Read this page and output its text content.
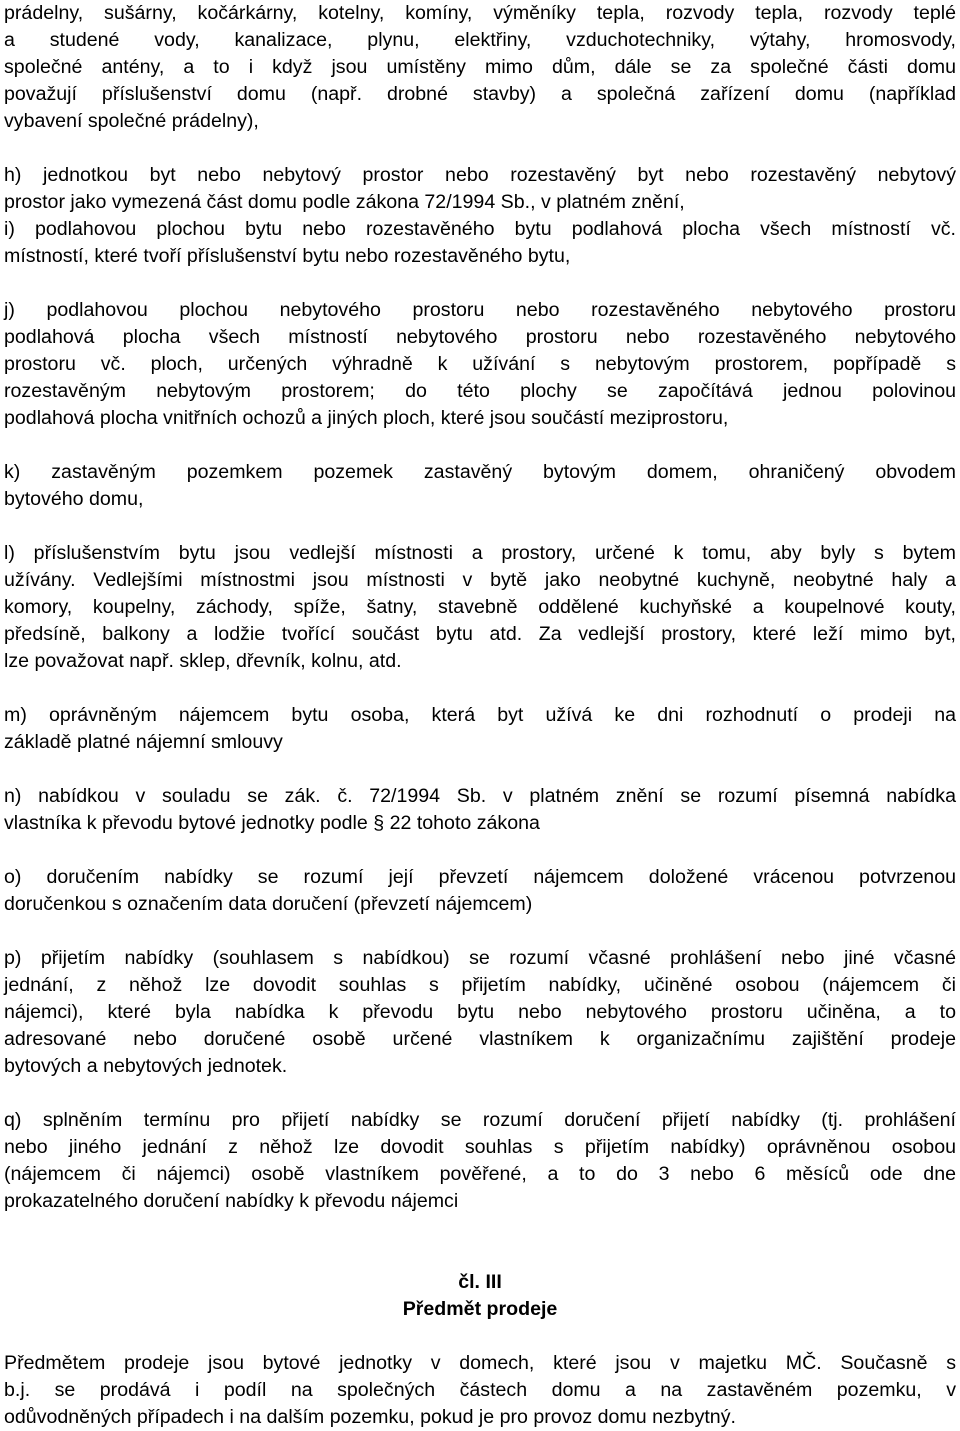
prádelny, sušárny, kočárkárny, kotelny, komíny, výměníky tepla, rozvody tepla, rozvody teplé
a studené vody, kanalizace, plynu, elektřiny, vzduchotechniky, výtahy, hromosvody,
společné antény, a to i když jsou umístěny mimo dům, dále se za společné části domu
považují příslušenství domu (např. drobné stavby) a společná zařízení domu (například
vybavení společné prádelny),

h) jednotkou byt nebo nebytový prostor nebo rozestavěný byt nebo rozestavěný nebytový
prostor jako vymezená část domu podle zákona 72/1994 Sb., v platném znění,

i) podlahovou plochou bytu nebo rozestavěného bytu podlahová plocha všech místností vč.
místností, které tvoří příslušenství bytu nebo rozestavěného bytu,

j) podlahovou plochou nebytového prostoru nebo rozestavěného nebytového prostoru
podlahová plocha všech místností nebytového prostoru nebo rozestavěného nebytového
prostoru vč. ploch, určených výhradně k užívání s nebytovým prostorem, popřípadě s
rozestavěným nebytovým prostorem; do této plochy se započítává jednou polovinou
podlahová plocha vnitřních ochozů a jiných ploch, které jsou součástí meziprostoru,

k) zastavěným pozemkem pozemek zastavěný bytovým domem, ohraničený obvodem
bytového domu,

l) příslušenstvím bytu jsou vedlejší místnosti a prostory, určené k tomu, aby byly s bytem
užívány. Vedlejšími místnostmi jsou místnosti v bytě jako neobytné kuchyně, neobytné haly a
komory, koupelny, záchody, spíže, šatny, stavebně oddělené kuchyňské a koupelnové kouty,
předsíně, balkony a lodžie tvořící součást bytu atd. Za vedlejší prostory, které leží mimo byt,
lze považovat např. sklep, dřevník, kolnu, atd.

m) oprávněným nájemcem bytu osoba, která byt užívá ke dni rozhodnutí o prodeji na
základě platné nájemní smlouvy

n) nabídkou v souladu se zák. č. 72/1994 Sb. v platném znění se rozumí písemná nabídka
vlastníka k převodu bytové jednotky podle § 22 tohoto zákona

o) doručením nabídky se rozumí její převzetí nájemcem doložené vrácenou potvrzenou
doručenkou s označením data doručení (převzetí nájemcem)

p) přijetím nabídky (souhlasem s nabídkou) se rozumí včasné prohlášení nebo jiné včasné
jednání, z něhož lze dovodit souhlas s přijetím nabídky, učiněné osobou (nájemcem či
nájemci), které byla nabídka k převodu bytu nebo nebytového prostoru učiněna, a to
adresované nebo doručené osobě určené vlastníkem k organizačnímu zajištění prodeje
bytových a nebytových jednotek.

q) splněním termínu pro přijetí nabídky se rozumí doručení přijetí nabídky (tj. prohlášení
nebo jiného jednání z něhož lze dovodit souhlas s přijetím nabídky) oprávněnou osobou
(nájemcem či nájemci) osobě vlastníkem pověřené, a to do 3 nebo 6 měsíců ode dne
prokazatelného doručení nabídky k převodu nájemci

čl. III

Předmět prodeje

Předmětem prodeje jsou bytové jednotky v domech, které jsou v majetku MČ. Současně s
b.j. se prodává i podíl na společných částech domu a na zastavěném pozemku, v
odůvodněných případech i na dalším pozemku, pokud je pro provoz domu nezbytný.
